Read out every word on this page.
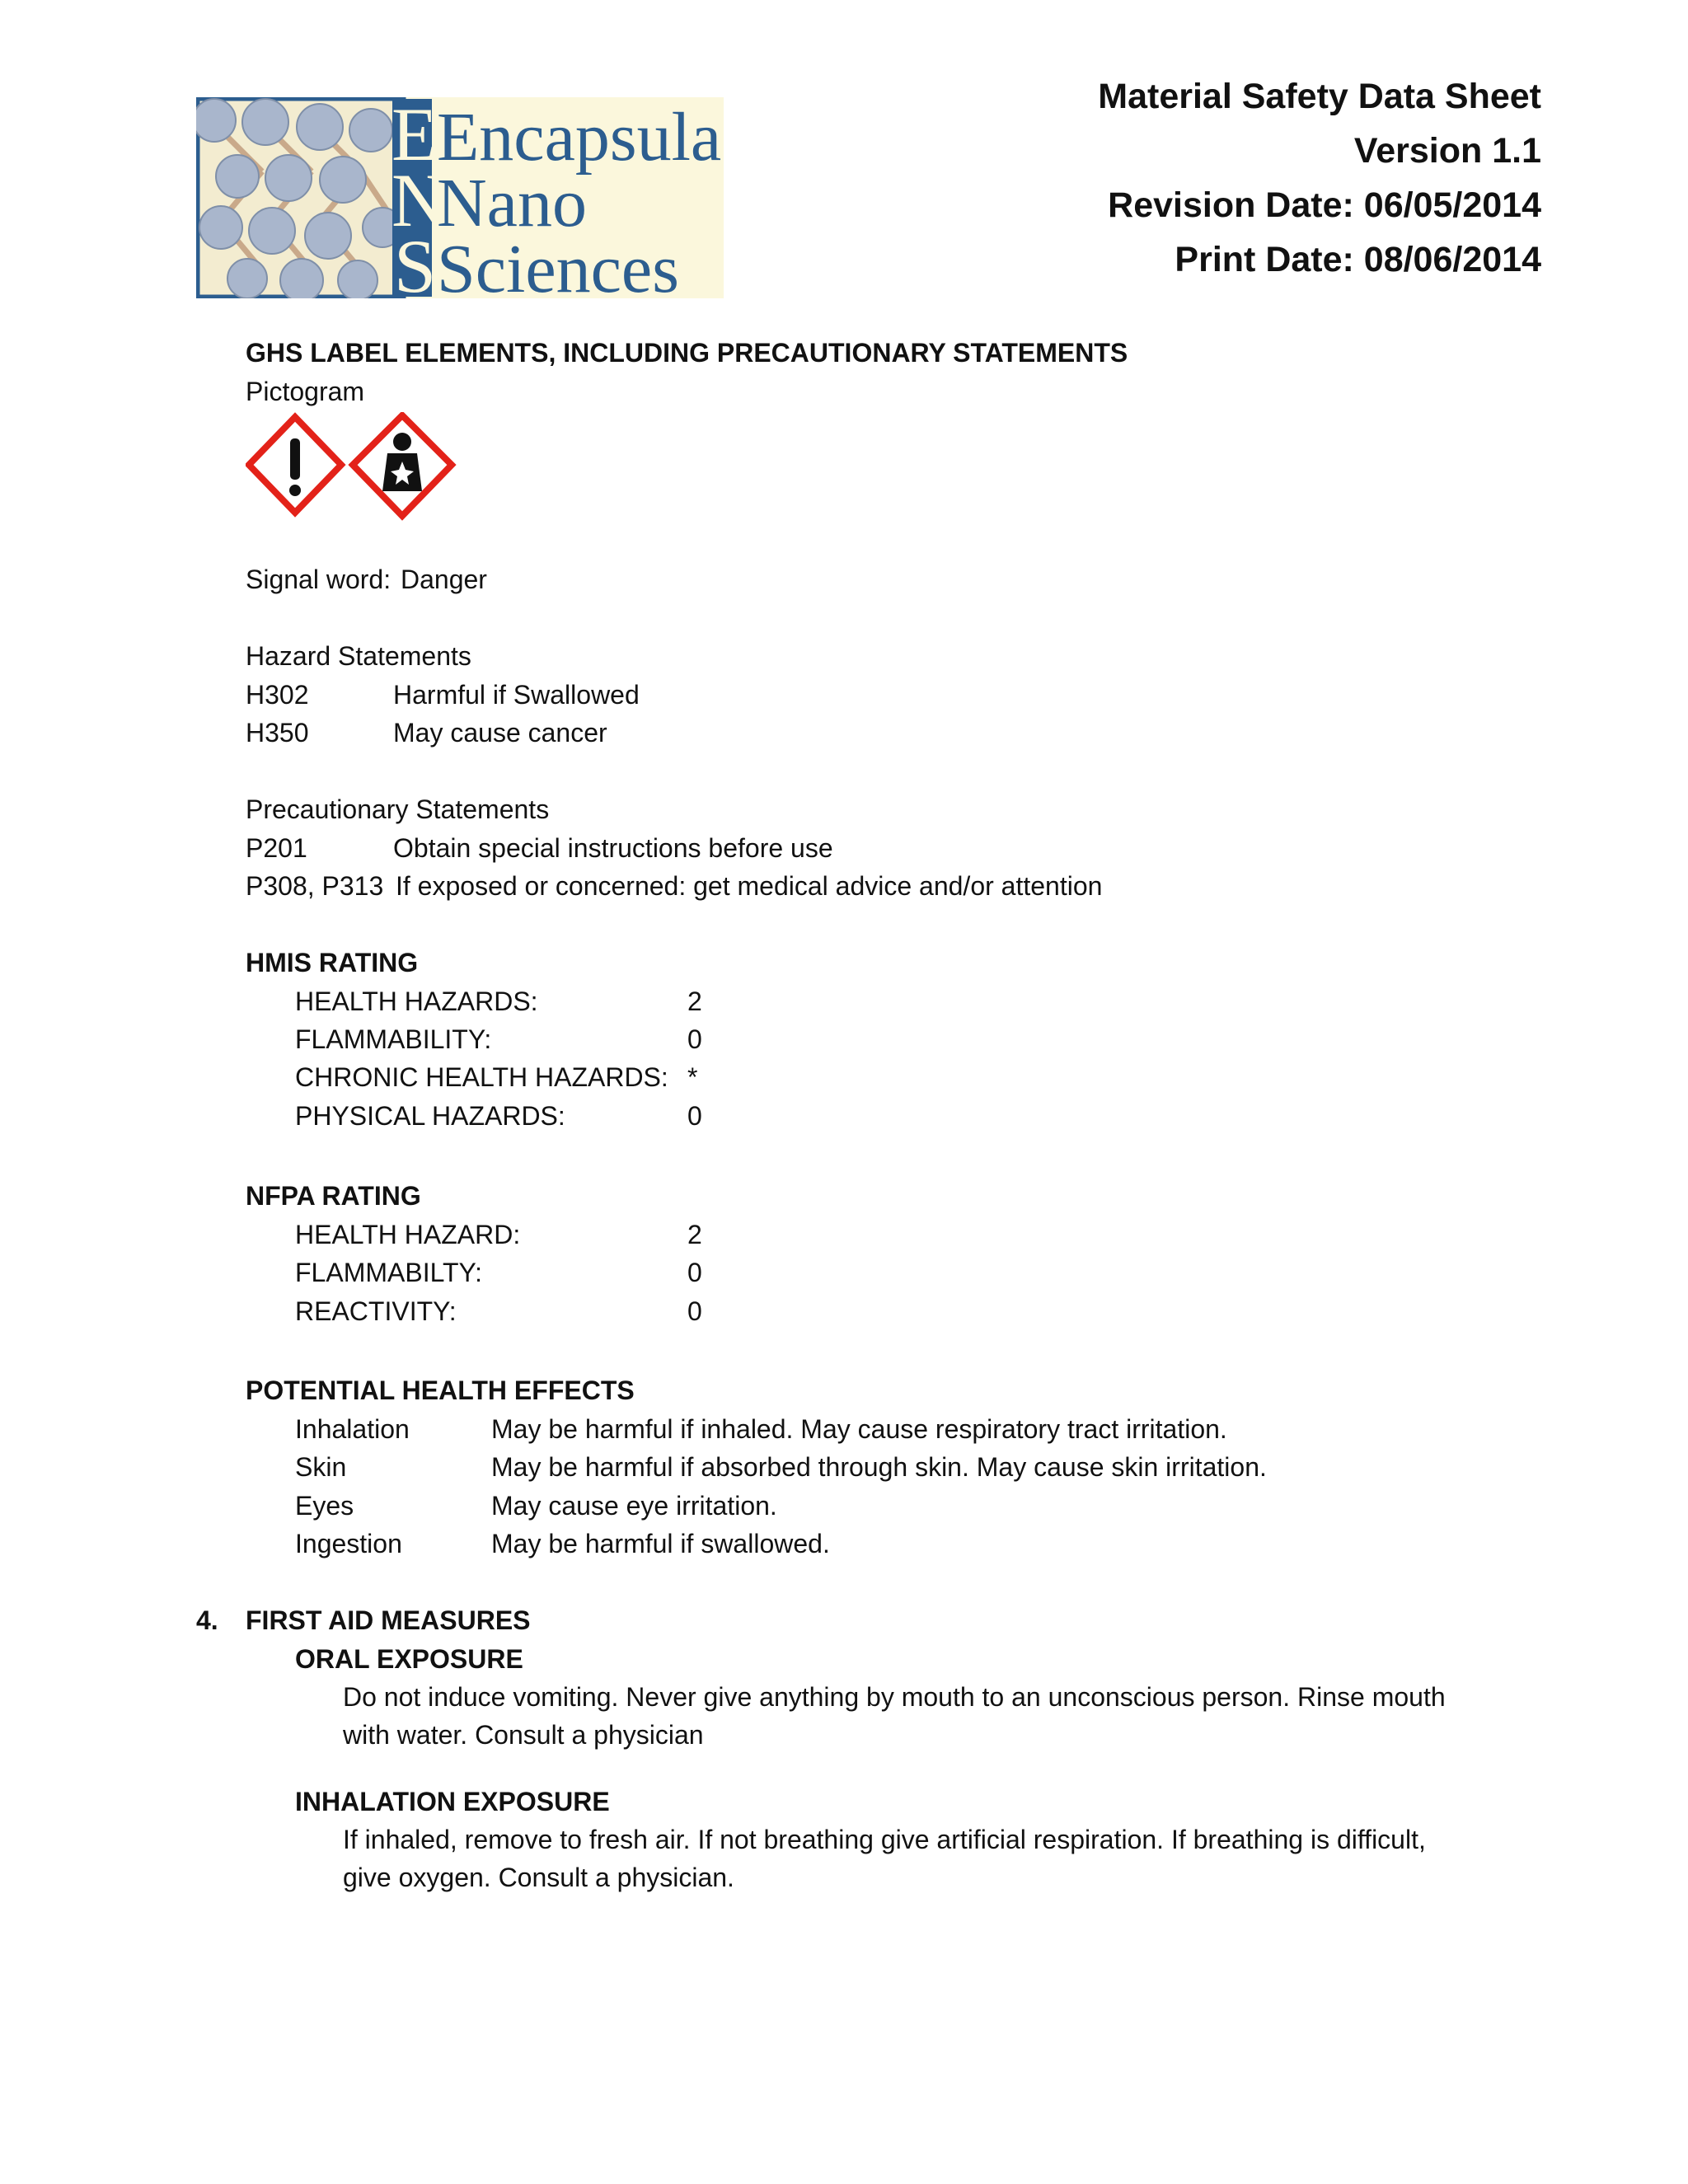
E
Encapsula
N
Nano
S Sciences
Material Safety Data Sheet
Version 1.1
Revision Date: 06/05/2014
Print Date: 08/06/2014
GHS LABEL ELEMENTS, INCLUDING PRECAUTIONARY STATEMENTS
Pictogram
Signal word: Danger
Hazard Statements
H302	Harmful if Swallowed
H350	May cause cancer
Precautionary Statements
P201	Obtain special instructions before use
P308, P313 If exposed or concerned: get medical advice and/or attention
HMIS RATING
HEALTH HAZARDS:	2
FLAMMABILITY:	0
CHRONIC HEALTH HAZARDS: *
PHYSICAL HAZARDS:	0
NFPA RATING
HEALTH HAZARD:	2
FLAMMABILTY:	0
REACTIVITY:	0
POTENTIAL HEALTH EFFECTS
Inhalation	May be harmful if inhaled. May cause respiratory tract irritation.
Skin	May be harmful if absorbed through skin. May cause skin irritation.
Eyes	May cause eye irritation.
Ingestion	May be harmful if swallowed.
4. FIRST AID MEASURES
ORAL EXPOSURE
Do not induce vomiting. Never give anything by mouth to an unconscious person. Rinse mouth with water. Consult a physician
INHALATION EXPOSURE
If inhaled, remove to fresh air. If not breathing give artificial respiration. If breathing is difficult, give oxygen. Consult a physician.
